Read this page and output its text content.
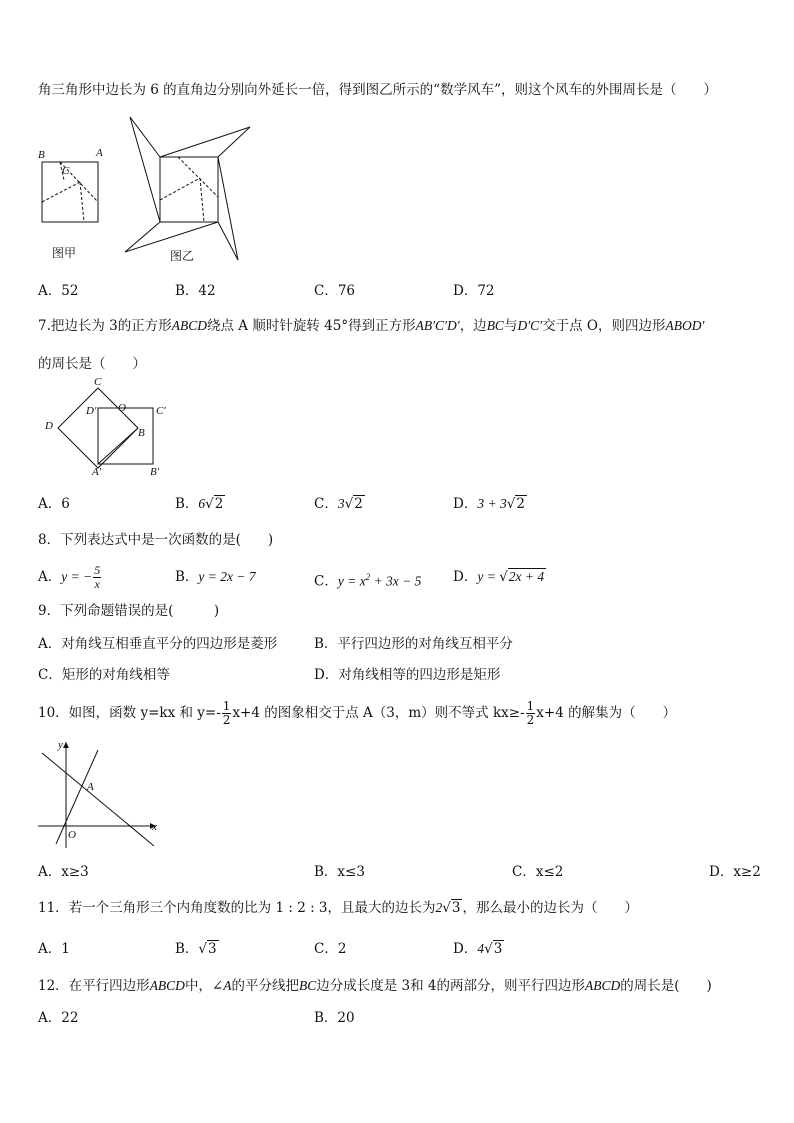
角三角形中边长为 6 的直角边分别向外延长一倍，得到图乙所示的“数学风车”，则这个风车的外围周长是（　　）
B	A
C
图甲	图乙
A．52	B．42	C．76	D．72
7.把边长为 3的正方形ABCD绕点 A 顺时针旋转 45°得到正方形AB′C′D′，边BC与D′C′交于点 O，则四边形ABOD′
的周长是（　　）
C
D′ O	C′
D
B
A′	B′
A．6	B．6√2	C．3√2	D．3 + 3√2
8．下列表达式中是一次函数的是(　　)
A．y = − $\frac{5}{x}$	B．y = 2x − 7	C．$y = x^2 + 3x - 5$ D．y = √2x + 4
9．下列命题错误的是(　　　)
A．对角线互相垂直平分的四边形是菱形	B．平行四边形的对角线互相平分
C．矩形的对角线相等	D．对角线相等的四边形是矩形
10．如图，函数 y=kx 和 $y=- \frac{1}{2} x+4$ 的图象相交于点 A（3，m）则不等式 $kx\ge- \frac{1}{2} x+4$ 的解集为（　　）
y
A
O
x
A．x≥3	B．x≤3	C．x≤2	D．x≥2
11．若一个三角形三个内角度数的比为 1 : 2 : 3，且最大的边长为2√3 ，那么最小的边长为（　　）
A．1	B．√3	C．2	D．4√3
12．在平行四边形ABCD中，∠A的平分线把BC边分成长度是 3和 4的两部分，则平行四边形ABCD的周长是(　　)
A．22	B．20
